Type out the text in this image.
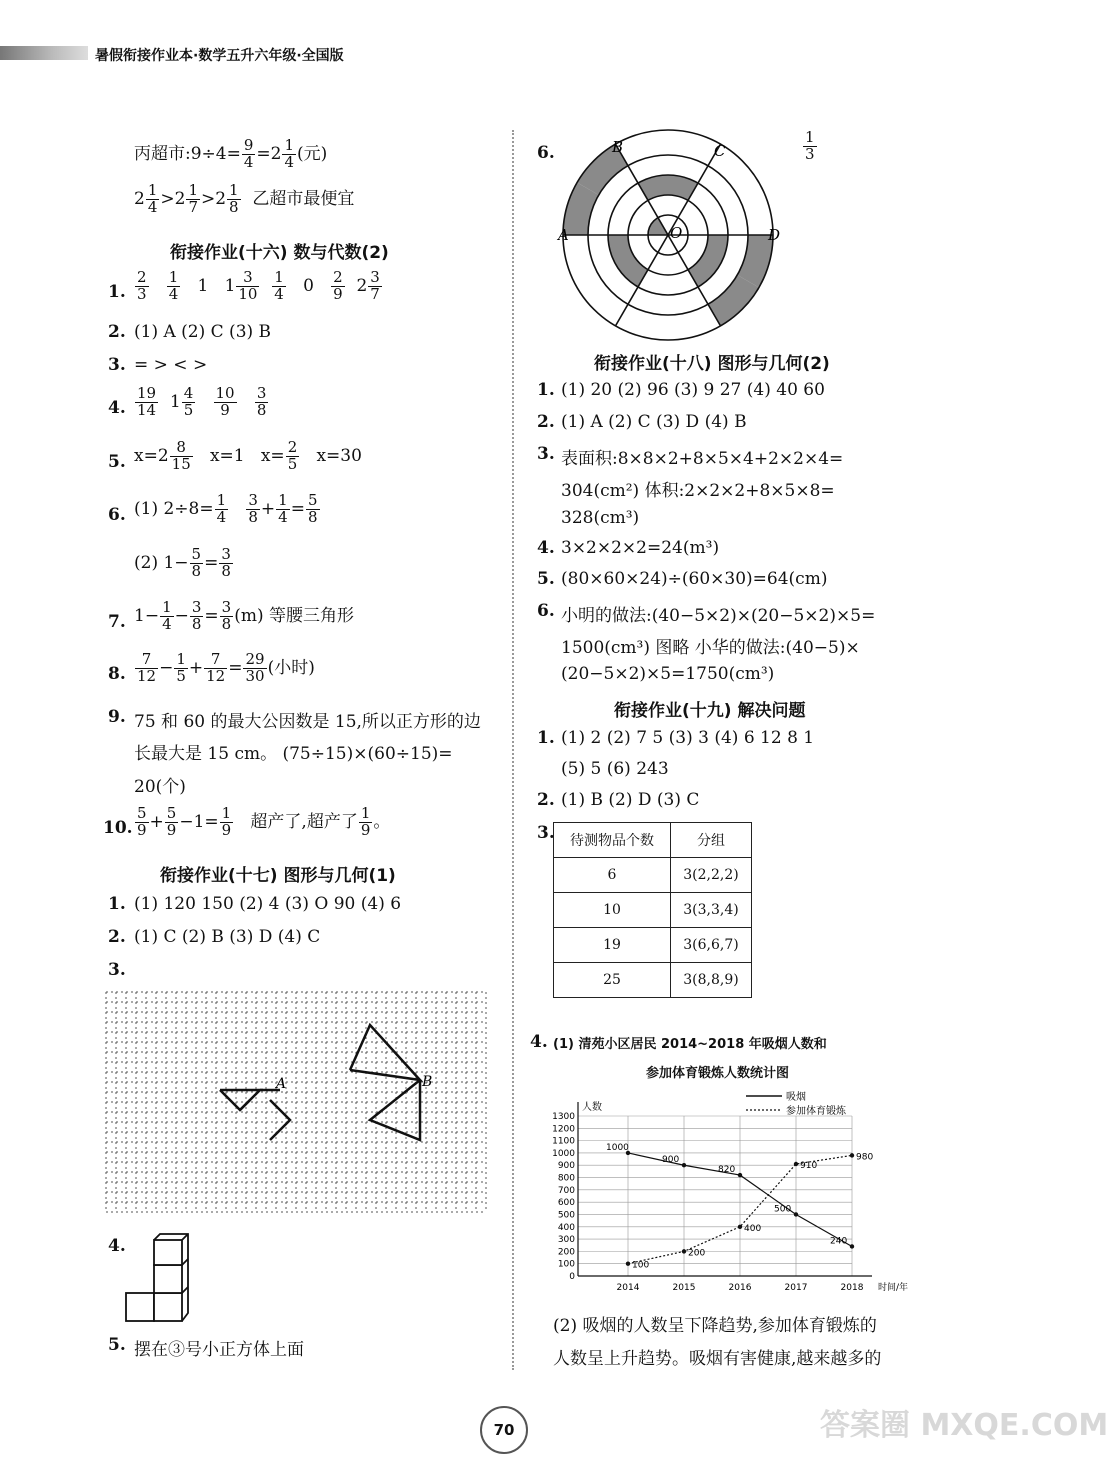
暑假衔接作业本·数学五升六年级·全国版
丙超市:9÷4= $\frac{9}{4} =2 \frac{1}{4}$ (元)
$2 \frac{1}{4} >2 \frac{1}{7} >2 \frac{1}{8}$ 乙超市最便宜
衔接作业(十六) 数与代数(2)
1. $\frac{2}{3}$
$\frac{1}{4} 1$   $1 \frac{3}{10}$
$\frac{1}{4} 0 \frac{2}{9} 2 \frac{3}{7}$
2. (1) A (2) C (3) B
3. = > < >
4. $\frac{19}{14} 1 \frac{4}{5}$
$\frac{10}{9}$
$\frac{3}{8}$
5. $x=2 \frac{8}{15} x=1$ $x= \frac{2}{5} x=30$
6. (1) $2\div 8= \frac{1}{4}$
$\frac{3}{8} + \frac{1}{4} = \frac{5}{8}$
(2) $1- \frac{5}{8} = \frac{3}{8}$
7. $1- \frac{1}{4} - \frac{3}{8} = \frac{3}{8} (m)$ 等腰三角形
8. $\frac{7}{12} - \frac{1}{5} + \frac{7}{12} = \frac{29}{30}$ (小时)
9. 75 和 60 的最大公因数是 15,所以正方形的边
长最大是 15 cm。 (75÷15)×(60÷15)=
20(个)
10. $\frac{5}{9} + \frac{5}{9} -1= \frac{1}{9}$ 超产了,超产了 $\frac{1}{9}$ 。
衔接作业(十七) 图形与几何(1)
1. (1) 120 150 (2) 4 (3) O 90 (4) 6
2. (1) C (2) B (3) D (4) C
3.
A	B
4.
5. 摆在③号小正方体上面
6.	$\frac{1}{3}$
B	C
A	O	D
衔接作业(十八) 图形与几何(2)
1. (1) 20 (2) 96 (3) 9 27 (4) 40 60
2. (1) A (2) C (3) D (4) B
3. 表面积:8×8×2+8×5×4+2×2×4=
304(cm²) 体积:2×2×2+8×5×8=
328(cm³)
4. 3×2×2×2=24(m³)
5. (80×60×24)÷(60×30)=64(cm)
6. 小明的做法:(40−5×2)×(20−5×2)×5=
1500(cm³) 图略 小华的做法:(40−5)×
(20−5×2)×5=1750(cm³)
衔接作业(十九) 解决问题
1. (1) 2 (2) 7 5 (3) 3 (4) 6 12 8 1
(5) 5 (6) 243
2. (1) B (2) D (3) C
3. 待测物品个数	分组
6	3(2,2,2)
10	3(3,3,4)
19	3(6,6,7)
25	3(8,8,9)
4. (1) 清苑小区居民 2014~2018 年吸烟人数和
参加体育锻炼人数统计图
1300
1200
1100
1000
900
800
700
600
500
400
300
200
100
0
2014	2015	2016	2017	2018
人数
时间/年
1000
900
820
500
240
100
200
400
910
980
吸烟
参加体育锻炼
(2) 吸烟的人数呈下降趋势,参加体育锻炼的
人数呈上升趋势。吸烟有害健康,越来越多的
70	答案圈 MXQE.COM
